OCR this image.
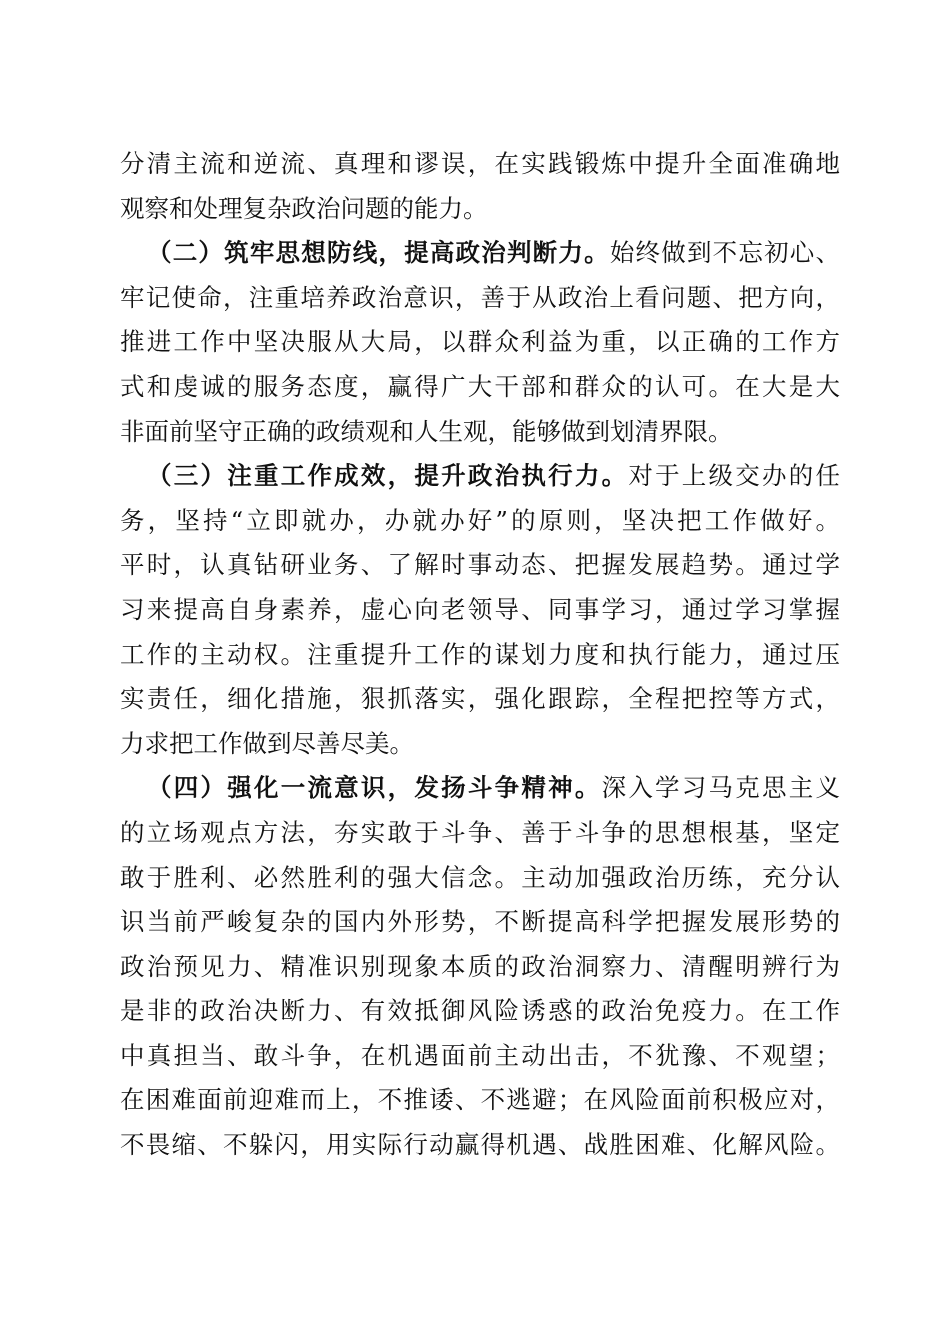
分清主流和逆流、真理和谬误，在实践锻炼中提升全面准确地
观察和处理复杂政治问题的能力。
（二）筑牢思想防线，提高政治判断力。始终做到不忘初心、
牢记使命，注重培养政治意识，善于从政治上看问题、把方向，
推进工作中坚决服从大局，以群众利益为重，以正确的工作方
式和虔诚的服务态度，赢得广大干部和群众的认可。在大是大
非面前坚守正确的政绩观和人生观，能够做到划清界限。
（三）注重工作成效，提升政治执行力。对于上级交办的任
务，坚持“立即就办，办就办好”的原则，坚决把工作做好。
平时，认真钻研业务、了解时事动态、把握发展趋势。通过学
习来提高自身素养，虚心向老领导、同事学习，通过学习掌握
工作的主动权。注重提升工作的谋划力度和执行能力，通过压
实责任，细化措施，狠抓落实，强化跟踪，全程把控等方式，
力求把工作做到尽善尽美。
（四）强化一流意识，发扬斗争精神。深入学习马克思主义
的立场观点方法，夯实敢于斗争、善于斗争的思想根基，坚定
敢于胜利、必然胜利的强大信念。主动加强政治历练，充分认
识当前严峻复杂的国内外形势，不断提高科学把握发展形势的
政治预见力、精准识别现象本质的政治洞察力、清醒明辨行为
是非的政治决断力、有效抵御风险诱惑的政治免疫力。在工作
中真担当、敢斗争，在机遇面前主动出击，不犹豫、不观望；
在困难面前迎难而上，不推诿、不逃避；在风险面前积极应对，
不畏缩、不躲闪，用实际行动赢得机遇、战胜困难、化解风险。
